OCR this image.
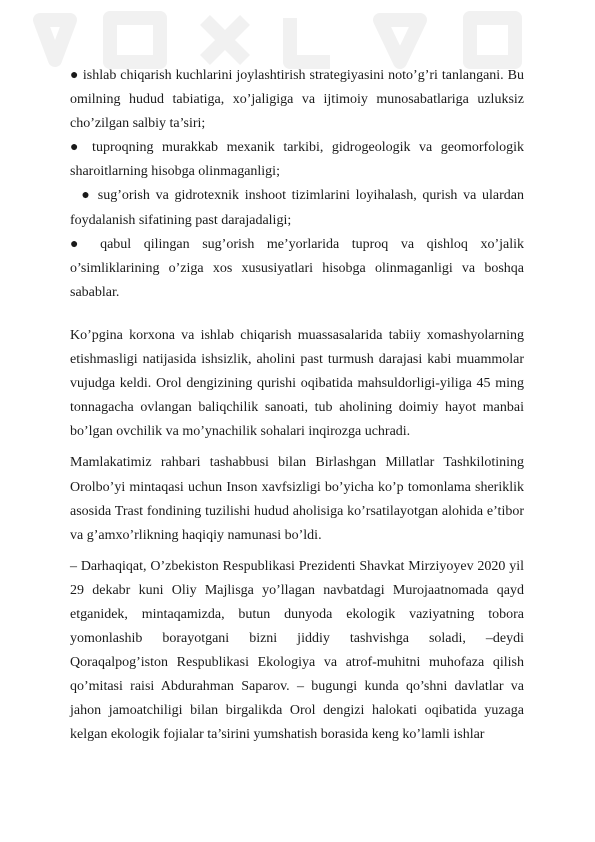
● ishlab chiqarish kuchlarini joylashtirish strategiyasini noto’g’ri tanlangani. Bu omilning hudud tabiatiga, xo’jaligiga va ijtimoiy munosabatlariga uzluksiz cho’zilgan salbiy ta’siri;

● tuproqning murakkab mexanik tarkibi, gidrogeologik va geomorfologik sharoitlarning hisobga olinmaganligi;

● sug’orish va gidrotexnik inshoot tizimlarini loyihalash, qurish va ulardan foydalanish sifatining past darajadaligi;

● qabul qilingan sug’orish me’yorlarida tuproq va qishloq xo’jalik o’simliklarining o’ziga xos xususiyatlari hisobga olinmaganligi va boshqa sabablar.

Ko’pgina korxona va ishlab chiqarish muassasalarida tabiiy xomashyolarning etishmasligi natijasida ishsizlik, aholini past turmush darajasi kabi muammolar vujudga keldi. Orol dengizining qurishi oqibatida mahsuldorligi-yiliga 45 ming tonnagacha ovlangan baliqchilik sanoati, tub aholining doimiy hayot manbai bo’lgan ovchilik va mo’ynachilik sohalari inqirozga uchradi.

Mamlakatimiz rahbari tashabbusi bilan Birlashgan Millatlar Tashkilotining Orolbo’yi mintaqasi uchun Inson xavfsizligi bo’yicha ko’p tomonlama sheriklik asosida Trast fondining tuzilishi hudud aholisiga ko’rsatilayotgan alohida e’tibor va g’amxo’rlikning haqiqiy namunasi bo’ldi.

– Darhaqiqat, O’zbekiston Respublikasi Prezidenti Shavkat Mirziyoyev 2020 yil 29 dekabr kuni Oliy Majlisga yo’llagan navbatdagi Murojaatnomada qayd etganidek, mintaqamizda, butun dunyoda ekologik vaziyatning tobora yomonlashib borayotgani bizni jiddiy tashvishga soladi, –deydi Qoraqalpog’iston Respublikasi Ekologiya va atrof-muhitni muhofaza qilish qo’mitasi raisi Abdurahman Saparov. – bugungi kunda qo’shni davlatlar va jahon jamoatchiligi bilan birgalikda Orol dengizi halokati oqibatida yuzaga kelgan ekologik fojialar ta’sirini yumshatish borasida keng ko’lamli ishlar
